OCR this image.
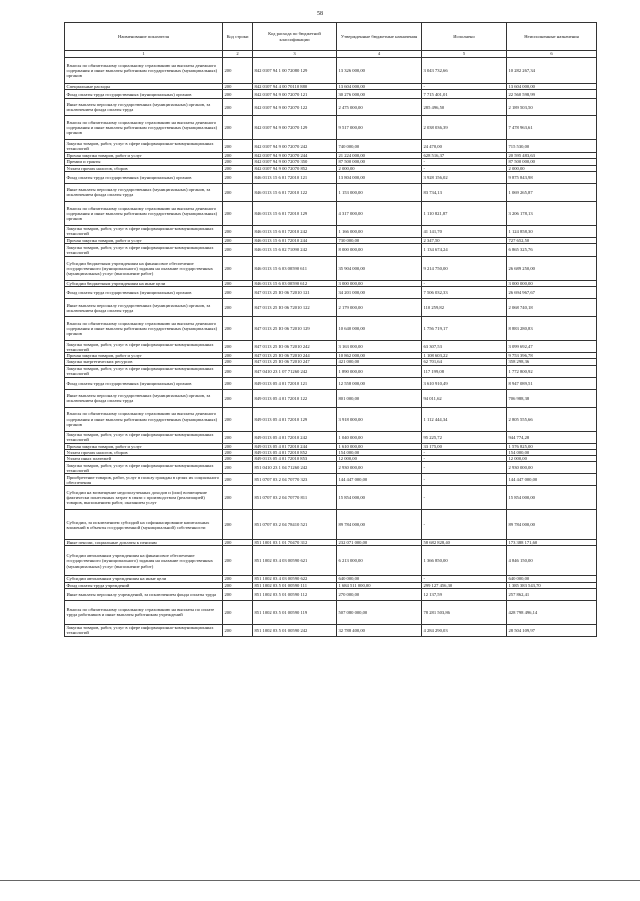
58
Наименование показателя	Код строки	Код расхода по бюджетной классификации	Утвержденные бюджетные назначения	Исполнено	Неисполненные назначения
1	2	3	4	5	6
Взносы по обязательному социальному страхованию на выплаты денежного содержания и иные выплаты работникам государственных (муниципальных) органов	200	842 0107 94 1 00 72080 129	13 326 000,00	3 043 732,66	10 282 267,34
Специальные расходы	200	842 0107 94 4 00 70110 880	13 604 000,00	-	13 604 000,00
Фонд оплаты труда государственных (муниципальных) органов	200	842 0107 94 9 00 72070 121	30 276 000,00	7 715 401,01	22 560 598,99
Иные выплаты персоналу государственных (муниципальных) органов, за исключением фонда оплаты труда	200	842 0107 94 9 00 72070 122	2 475 000,00	285 496,50	2 189 503,50
Взносы по обязательному социальному страхованию на выплаты денежного содержания и иные выплаты работникам государственных (муниципальных) органов	200	842 0107 94 9 00 72070 129	9 517 000,00	2 038 036,39	7 478 963,61
Закупка товаров, работ, услуг в сфере информационно-коммуникационных технологий	200	842 0107 94 9 00 72070 242	740 000,00	24 470,00	715 530,00
Прочая закупка товаров, работ и услуг	200	842 0107 94 9 00 72070 244	21 224 000,00	628 516,37	20 595 483,63
Премии и гранты	200	842 0107 94 9 00 72070 350	87 500 000,00	-	87 500 000,00
Уплата прочих налогов, сборов	200	842 0107 94 9 00 72070 852	2 000,00	-	2 000,00
Фонд оплаты труда государственных (муниципальных) органов	200	846 0113 15 6 01 72010 121	13 804 000,00	3 928 156,02	9 875 843,98
Иные выплаты персоналу государственных (муниципальных) органов, за исключением фонда оплаты труда	200	846 0113 15 6 01 72010 122	1 153 000,00	83 734,13	1 069 265,87
Взносы по обязательному социальному страхованию на выплаты денежного содержания и иные выплаты работникам государственных (муниципальных) органов	200	846 0113 15 6 01 72010 129	4 317 000,00	1 110 821,87	3 206 178,13
Закупка товаров, работ, услуг в сфере информационно-коммуникационных технологий	200	846 0113 15 6 01 72010 242	1 166 000,00	41 141,70	1 124 858,30
Прочая закупка товаров, работ и услуг	200	846 0113 15 6 01 72010 244	730 000,00	2 347,50	727 652,50
Закупка товаров, работ, услуг в сфере информационно-коммуникационных технологий	200	846 0113 15 6 02 71090 242	8 000 000,00	1 134 674,24	6 865 325,76
Субсидии бюджетным учреждениям на финансовое обеспечение государственного (муниципального) задания на оказание государственных (муниципальных) услуг (выполнение работ)	200	846 0113 15 6 03 00590 611	35 904 000,00	9 214 750,00	26 689 250,00
Субсидии бюджетным учреждениям на иные цели	200	846 0113 15 6 03 00590 612	3 000 000,00	-	3 000 000,00
Фонд оплаты труда государственных (муниципальных) органов	200	847 0113 25 IO 06 72010 121	34 201 000,00	7 506 032,33	26 694 967,67
Иные выплаты персоналу государственных (муниципальных) органов, за исключением фонда оплаты труда	200	847 0113 25 IO 06 72010 122	2 179 000,00	110 259,82	2 068 740,18
Взносы по обязательному социальному страхованию на выплаты денежного содержания и иные выплаты работникам государственных (муниципальных) органов	200	847 0113 25 IO 06 72010 129	10 640 000,00	1 756 719,17	8 883 280,83
Закупка товаров, работ, услуг в сфере информационно-коммуникационных технологий	200	847 0113 25 IO 06 72010 242	3 163 000,00	63 307,53	3 099 692,47
Прочая закупка товаров, работ и услуг	200	847 0113 25 IO 06 72010 244	10 862 000,00	1 108 603,22	9 753 396,78
Закупка энергетических ресурсов	200	847 0113 25 IO 06 72010 247	421 000,00	62 701,64	358 298,36
Закупка товаров, работ, услуг в сфере информационно-коммуникационных технологий	200	847 0410 23 1 07 71260 242	1 890 000,00	117 199,08	1 772 800,92
Фонд оплаты труда государственных (муниципальных) органов	200	849 0113 05 4 01 72010 121	12 558 000,00	3 610 910,49	8 947 089,51
Иные выплаты персоналу государственных (муниципальных) органов, за исключением фонда оплаты труда	200	849 0113 05 4 01 72010 122	801 000,00	94 011,62	706 988,38
Взносы по обязательному социальному страхованию на выплаты денежного содержания и иные выплаты работникам государственных (муниципальных) органов	200	849 0113 05 4 01 72010 129	3 918 000,00	1 112 444,34	2 805 555,66
Закупка товаров, работ, услуг в сфере информационно-коммуникационных технологий	200	849 0113 05 4 01 72010 242	1 040 000,00	95 225,72	944 774,28
Прочая закупка товаров, работ и услуг	200	849 0113 05 4 01 72010 244	1 610 000,00	33 175,00	1 576 825,00
Уплата прочих налогов, сборов	200	849 0113 05 4 01 72010 852	154 000,00	-	154 000,00
Уплата иных платежей	200	849 0113 05 4 01 72010 853	12 000,00	-	12 000,00
Закупка товаров, работ, услуг в сфере информационно-коммуникационных технологий	200	851 0410 23 1 04 71260 242	2 930 000,00	-	2 930 000,00
Приобретение товаров, работ, услуг в пользу граждан в целях их социального обеспечения	200	851 0707 03 2 04 70770 323	144 447 000,00	-	144 447 000,00
Субсидии на возмещение недополученных доходов и (или) возмещение фактически понесенных затрат в связи с производством (реализацией) товаров, выполнением работ, оказанием услуг	200	851 0707 03 2 04 70770 811	15 854 000,00	-	15 854 000,00
Субсидии, за исключением субсидий на софинансирование капитальных вложений в объекты государственной (муниципальной) собственности	200	851 0707 03 2 04 78410 521	89 784 000,00	-	89 784 000,00
Иные пенсии, социальные доплаты к пенсиям	200	851 1001 03 1 01 70470 312	232 071 000,00	58 682 828,40	173 388 171,60
Субсидии автономным учреждениям на финансовое обеспечение государственного (муниципального) задания на оказание государственных (муниципальных) услуг (выполнение работ)	200	851 1002 03 4 03 00590 621	6 213 000,00	1 366 850,00	4 846 150,00
Субсидии автономным учреждениям на иные цели	200	851 1002 03 4 03 00590 622	640 000,00	-	640 000,00
Фонд оплаты труда учреждений	200	851 1002 03 5 01 00590 111	1 684 511 000,00	299 127 456,30	1 385 383 543,70
Иные выплаты персоналу учреждений, за исключением фонда оплаты труда	200	851 1002 03 5 01 00590 112	270 000,00	12 137,59	257 862,41
Взносы по обязательному социальному страхованию на выплаты по оплате труда работников и иные выплаты работникам учреждений	200	851 1002 03 5 01 00590 119	507 080 000,00	78 281 503,86	428 798 496,14
Закупка товаров, работ, услуг в сфере информационно-коммуникационных технологий	200	851 1002 03 5 01 00590 242	32 788 400,00	4 284 290,03	28 504 109,97
